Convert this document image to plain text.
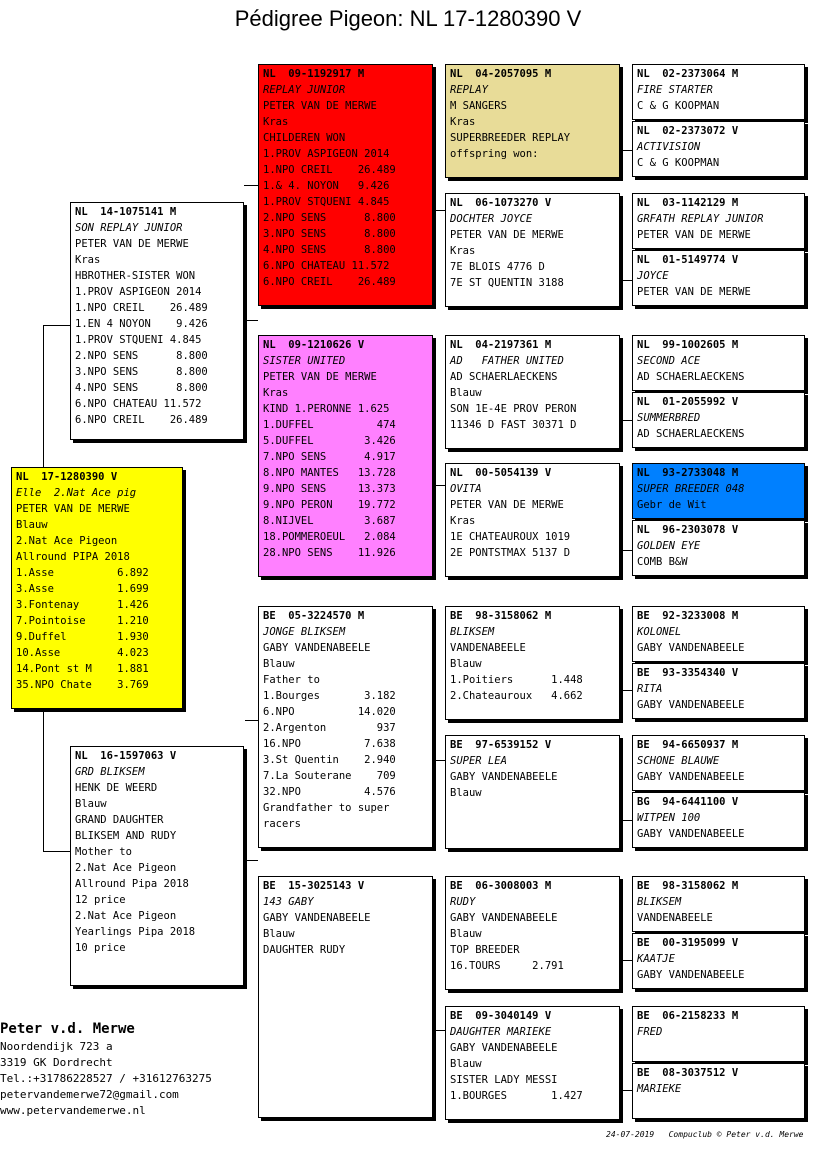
Pédigree Pigeon: NL 17-1280390 V
NL  17-1280390 V
Elle  2.Nat Ace pig
PETER VAN DE MERWE
Blauw
2.Nat Ace Pigeon
Allround PIPA 2018
1.Asse          6.892
3.Asse          1.699
3.Fontenay      1.426
7.Pointoise     1.210
9.Duffel        1.930
10.Asse         4.023
14.Pont st M    1.881
35.NPO Chate    3.769
NL  14-1075141 M
SON REPLAY JUNIOR
PETER VAN DE MERWE
Kras
HBROTHER-SISTER WON
1.PROV ASPIGEON 2014
1.NPO CREIL    26.489
1.EN 4 NOYON    9.426
1.PROV STQUENI 4.845
2.NPO SENS      8.800
3.NPO SENS      8.800
4.NPO SENS      8.800
6.NPO CHATEAU 11.572
6.NPO CREIL    26.489
NL  16-1597063 V
GRD BLIKSEM
HENK DE WEERD
Blauw
GRAND DAUGHTER
BLIKSEM AND RUDY
Mother to
2.Nat Ace Pigeon
Allround Pipa 2018
12 price
2.Nat Ace Pigeon
Yearlings Pipa 2018
10 price
NL  09-1192917 M
REPLAY JUNIOR
PETER VAN DE MERWE
Kras
CHILDEREN WON
1.PROV ASPIGEON 2014
1.NPO CREIL    26.489
1.& 4. NOYON   9.426
1.PROV STQUENI 4.845
2.NPO SENS      8.800
3.NPO SENS      8.800
4.NPO SENS      8.800
6.NPO CHATEAU 11.572
6.NPO CREIL    26.489
NL  09-1210626 V
SISTER UNITED
PETER VAN DE MERWE
Kras
KIND 1.PERONNE 1.625
1.DUFFEL          474
5.DUFFEL        3.426
7.NPO SENS      4.917
8.NPO MANTES   13.728
9.NPO SENS     13.373
9.NPO PERON    19.772
8.NIJVEL        3.687
18.POMMEROEUL   2.084
28.NPO SENS    11.926
BE  05-3224570 M
JONGE BLIKSEM
GABY VANDENABEELE
Blauw
Father to
1.Bourges       3.182
6.NPO          14.020
2.Argenton        937
16.NPO          7.638
3.St Quentin    2.940
7.La Souterane    709
32.NPO          4.576
Grandfather to super
racers
BE  15-3025143 V
143 GABY
GABY VANDENABEELE
Blauw
DAUGHTER RUDY
NL  04-2057095 M
REPLAY
M SANGERS
Kras
SUPERBREEDER REPLAY
offspring won:
NL  06-1073270 V
DOCHTER JOYCE
PETER VAN DE MERWE
Kras
7E BLOIS 4776 D
7E ST QUENTIN 3188
NL  04-2197361 M
AD   FATHER UNITED
AD SCHAERLAECKENS
Blauw
SON 1E-4E PROV PERON
11346 D FAST 30371 D
NL  00-5054139 V
OVITA
PETER VAN DE MERWE
Kras
1E CHATEAUROUX 1019
2E PONTSTMAX 5137 D
BE  98-3158062 M
BLIKSEM
VANDENABEELE
Blauw
1.Poitiers      1.448
2.Chateauroux   4.662
BE  97-6539152 V
SUPER LEA
GABY VANDENABEELE
Blauw
BE  06-3008003 M
RUDY
GABY VANDENABEELE
Blauw
TOP BREEDER
16.TOURS     2.791
BE  09-3040149 V
DAUGHTER MARIEKE
GABY VANDENABEELE
Blauw
SISTER LADY MESSI
1.BOURGES       1.427
NL  02-2373064 M
FIRE STARTER
C & G KOOPMAN
NL  02-2373072 V
ACTIVISION
C & G KOOPMAN
NL  03-1142129 M
GRFATH REPLAY JUNIOR
PETER VAN DE MERWE
NL  01-5149774 V
JOYCE
PETER VAN DE MERWE
NL  99-1002605 M
SECOND ACE
AD SCHAERLAECKENS
NL  01-2055992 V
SUMMERBRED
AD SCHAERLAECKENS
NL  93-2733048 M
SUPER BREEDER 048
Gebr de Wit
NL  96-2303078 V
GOLDEN EYE
COMB B&W
BE  92-3233008 M
KOLONEL
GABY VANDENABEELE
BE  93-3354340 V
RITA
GABY VANDENABEELE
BE  94-6650937 M
SCHONE BLAUWE
GABY VANDENABEELE
BG  94-6441100 V
WITPEN 100
GABY VANDENABEELE
BE  98-3158062 M
BLIKSEM
VANDENABEELE
BE  00-3195099 V
KAATJE
GABY VANDENABEELE
BE  06-2158233 M
FRED
BE  08-3037512 V
MARIEKE
Peter v.d. Merwe
Noordendijk 723 a
3319 GK Dordrecht
Tel.:+31786228527 / +31612763275
petervandemerwe72@gmail.com
www.petervandemerwe.nl
24-07-2019   Compuclub © Peter v.d. Merwe
